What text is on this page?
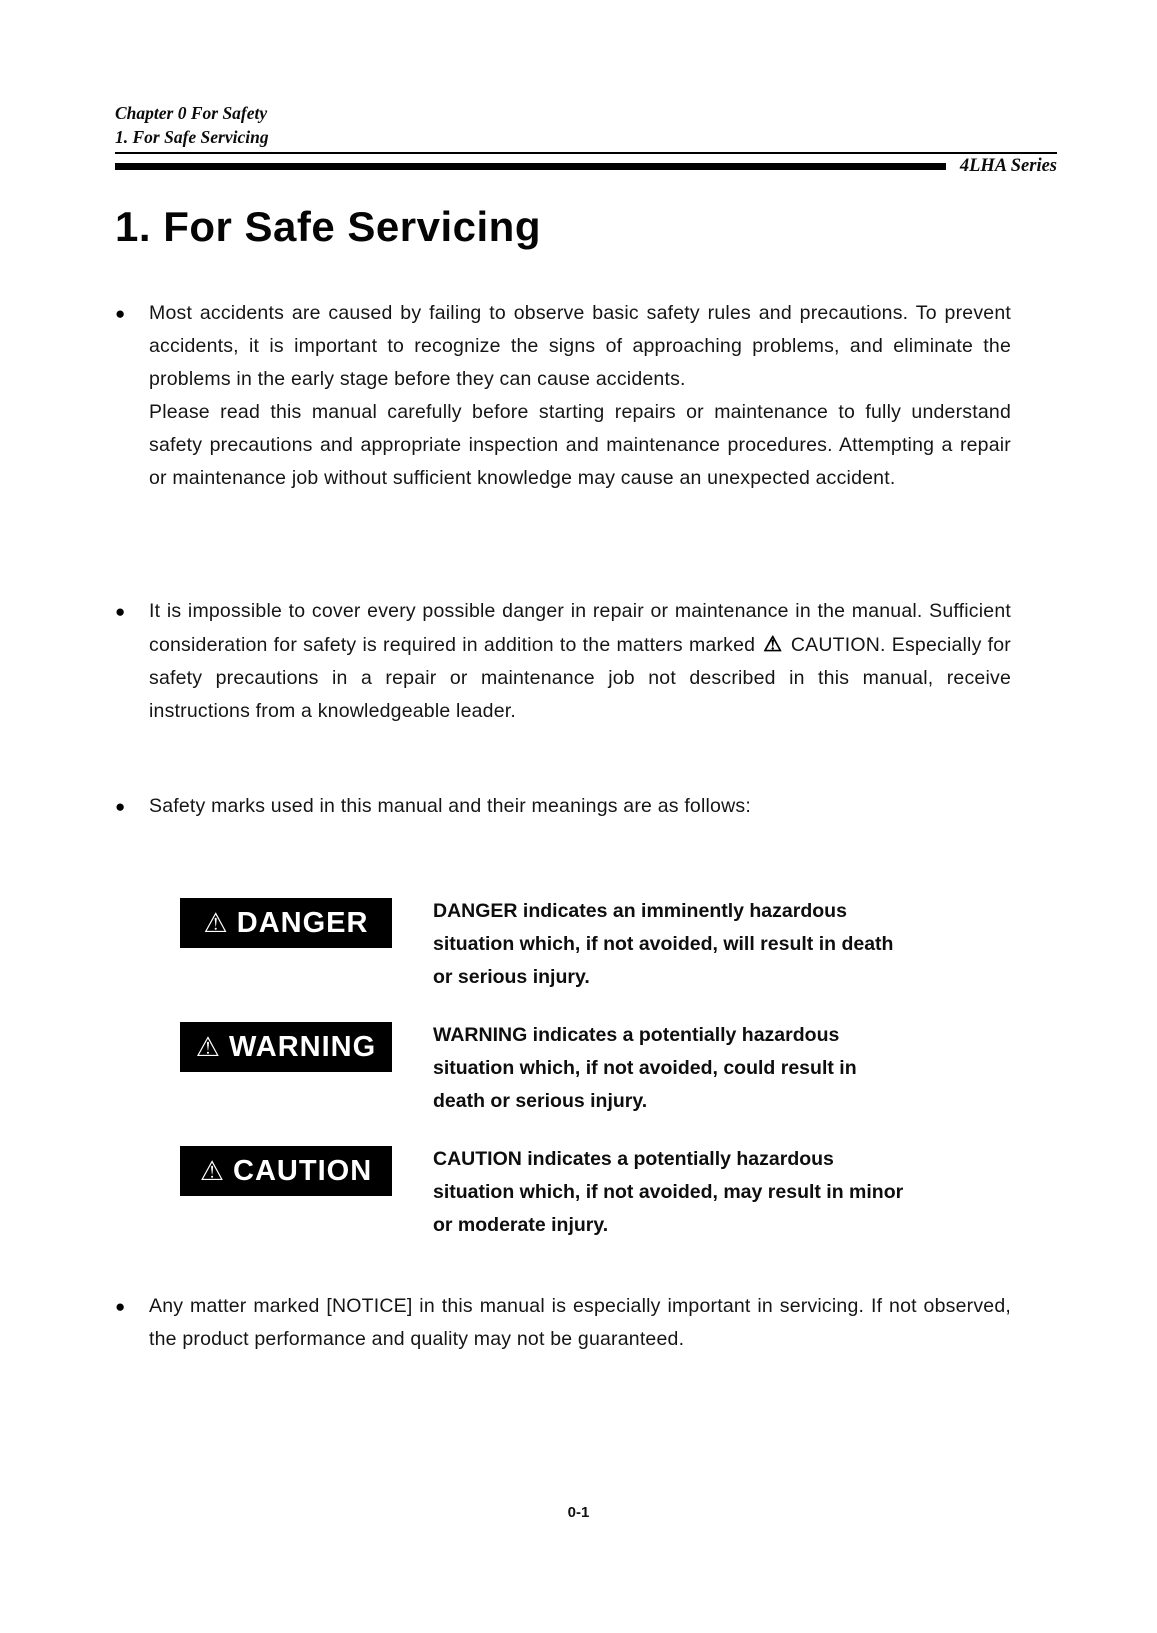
Chapter 0 For Safety
1. For Safe Servicing
4LHA Series
1. For Safe Servicing
●	Most accidents are caused by failing to observe basic safety rules and precautions. To prevent accidents, it is important to recognize the signs of approaching problems, and eliminate the problems in the early stage before they can cause accidents.

Please read this manual carefully before starting repairs or maintenance to fully understand safety precautions and appropriate inspection and maintenance procedures. Attempting a repair or maintenance job without sufficient knowledge may cause an unexpected accident.

●	It is impossible to cover every possible danger in repair or maintenance in the manual. Sufficient consideration for safety is required in addition to the matters marked ⚠ CAUTION. Especially for safety precautions in a repair or maintenance job not described in this manual, receive instructions from a knowledgeable leader.

●	Safety marks used in this manual and their meanings are as follows:

⚠ DANGER	DANGER indicates an imminently hazardous situation which, if not avoided, will result in death or serious injury.

⚠ WARNING	WARNING indicates a potentially hazardous situation which, if not avoided, could result in death or serious injury.

⚠ CAUTION	CAUTION indicates a potentially hazardous situation which, if not avoided, may result in minor or moderate injury.

●	Any matter marked [NOTICE] in this manual is especially important in servicing. If not observed, the product performance and quality may not be guaranteed.

0-1
